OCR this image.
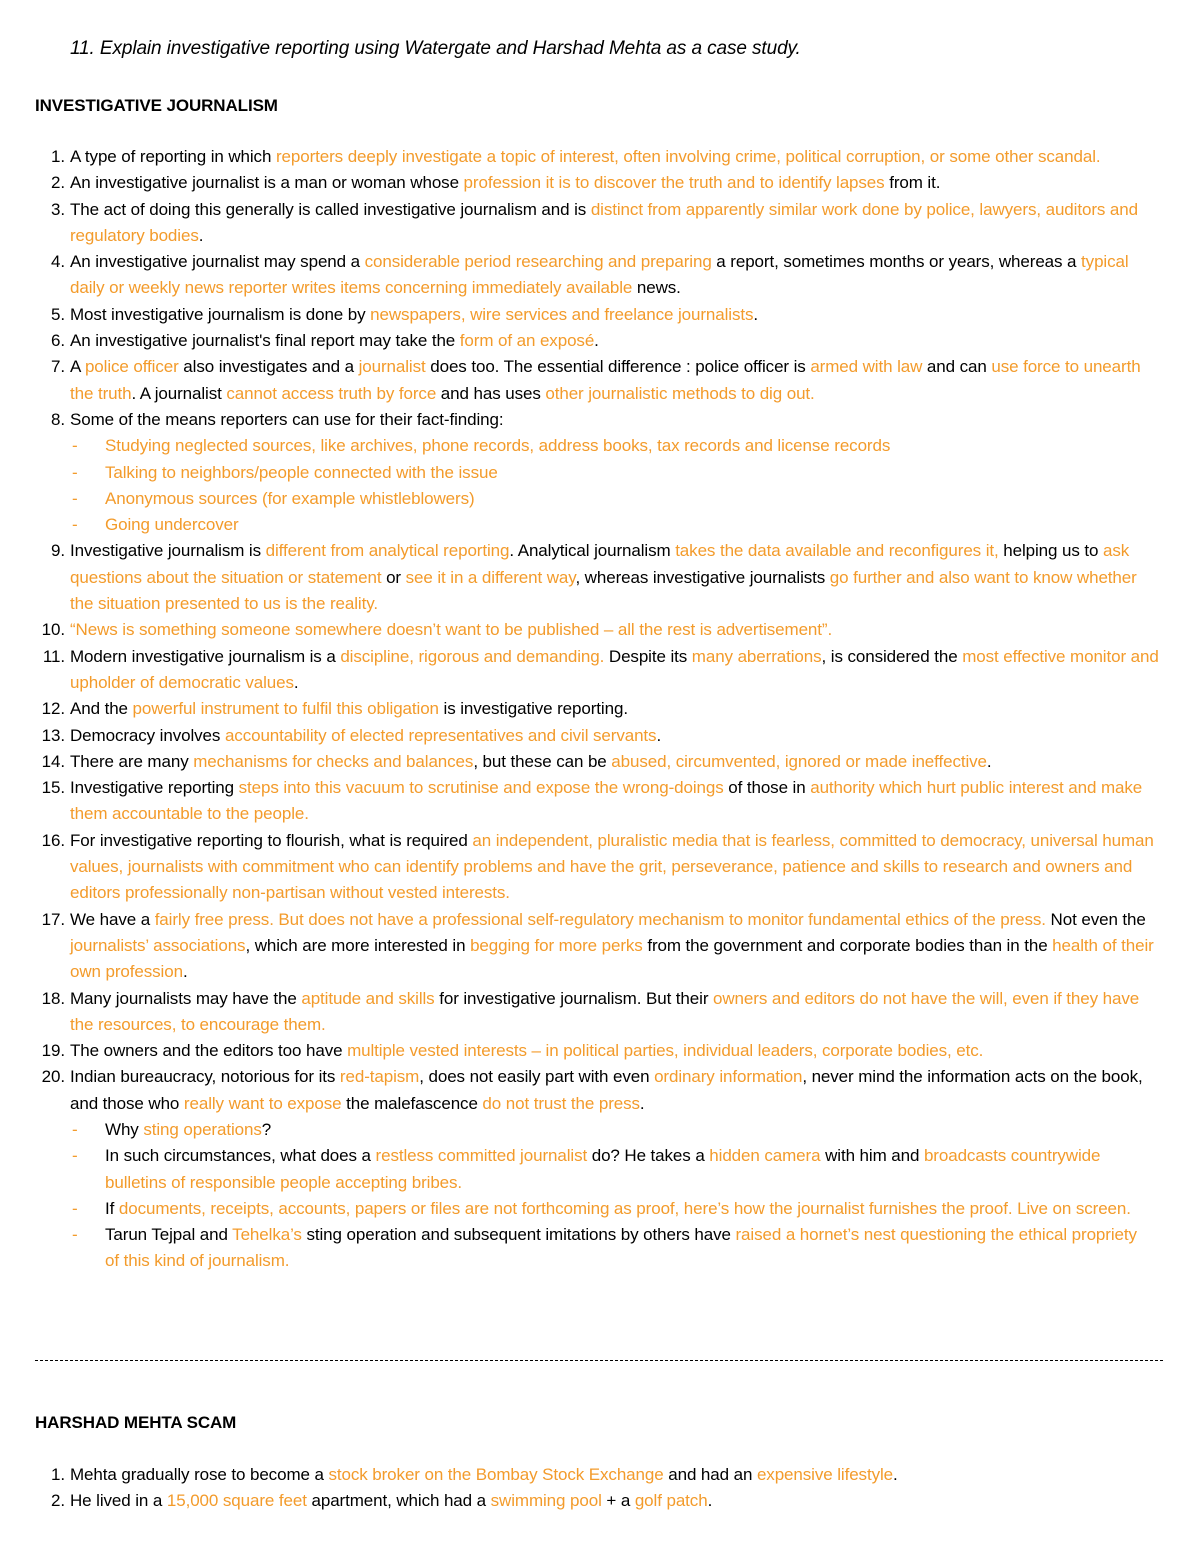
11. Explain investigative reporting using Watergate and Harshad Mehta as a case study.
INVESTIGATIVE JOURNALISM
1. A type of reporting in which reporters deeply investigate a topic of interest, often involving crime, political corruption, or some other scandal.
2. An investigative journalist is a man or woman whose profession it is to discover the truth and to identify lapses from it.
3. The act of doing this generally is called investigative journalism and is distinct from apparently similar work done by police, lawyers, auditors and regulatory bodies.
4. An investigative journalist may spend a considerable period researching and preparing a report, sometimes months or years, whereas a typical daily or weekly news reporter writes items concerning immediately available news.
5. Most investigative journalism is done by newspapers, wire services and freelance journalists.
6. An investigative journalist's final report may take the form of an exposé.
7. A police officer also investigates and a journalist does too. The essential difference : police officer is armed with law and can use force to unearth the truth. A journalist cannot access truth by force and has uses other journalistic methods to dig out.
8. Some of the means reporters can use for their fact-finding:
- Studying neglected sources, like archives, phone records, address books, tax records and license records
- Talking to neighbors/people connected with the issue
- Anonymous sources (for example whistleblowers)
- Going undercover
9. Investigative journalism is different from analytical reporting. Analytical journalism takes the data available and reconfigures it, helping us to ask questions about the situation or statement or see it in a different way, whereas investigative journalists go further and also want to know whether the situation presented to us is the reality.
10. “News is something someone somewhere doesn’t want to be published – all the rest is advertisement”.
11. Modern investigative journalism is a discipline, rigorous and demanding. Despite its many aberrations, is considered the most effective monitor and upholder of democratic values.
12. And the powerful instrument to fulfil this obligation is investigative reporting.
13. Democracy involves accountability of elected representatives and civil servants.
14. There are many mechanisms for checks and balances, but these can be abused, circumvented, ignored or made ineffective.
15. Investigative reporting steps into this vacuum to scrutinise and expose the wrong-doings of those in authority which hurt public interest and make them accountable to the people.
16. For investigative reporting to flourish, what is required an independent, pluralistic media that is fearless, committed to democracy, universal human values, journalists with commitment who can identify problems and have the grit, perseverance, patience and skills to research and owners and editors professionally non-partisan without vested interests.
17. We have a fairly free press. But does not have a professional self-regulatory mechanism to monitor fundamental ethics of the press. Not even the journalists’ associations, which are more interested in begging for more perks from the government and corporate bodies than in the health of their own profession.
18. Many journalists may have the aptitude and skills for investigative journalism. But their owners and editors do not have the will, even if they have the resources, to encourage them.
19. The owners and the editors too have multiple vested interests – in political parties, individual leaders, corporate bodies, etc.
20. Indian bureaucracy, notorious for its red-tapism, does not easily part with even ordinary information, never mind the information acts on the book, and those who really want to expose the malefascence do not trust the press.
- Why sting operations?
- In such circumstances, what does a restless committed journalist do? He takes a hidden camera with him and broadcasts countrywide bulletins of responsible people accepting bribes.
- If documents, receipts, accounts, papers or files are not forthcoming as proof, here’s how the journalist furnishes the proof. Live on screen.
- Tarun Tejpal and Tehelka’s sting operation and subsequent imitations by others have raised a hornet’s nest questioning the ethical propriety of this kind of journalism.
HARSHAD MEHTA SCAM
1. Mehta gradually rose to become a stock broker on the Bombay Stock Exchange and had an expensive lifestyle.
2. He lived in a 15,000 square feet apartment, which had a swimming pool + a golf patch.
